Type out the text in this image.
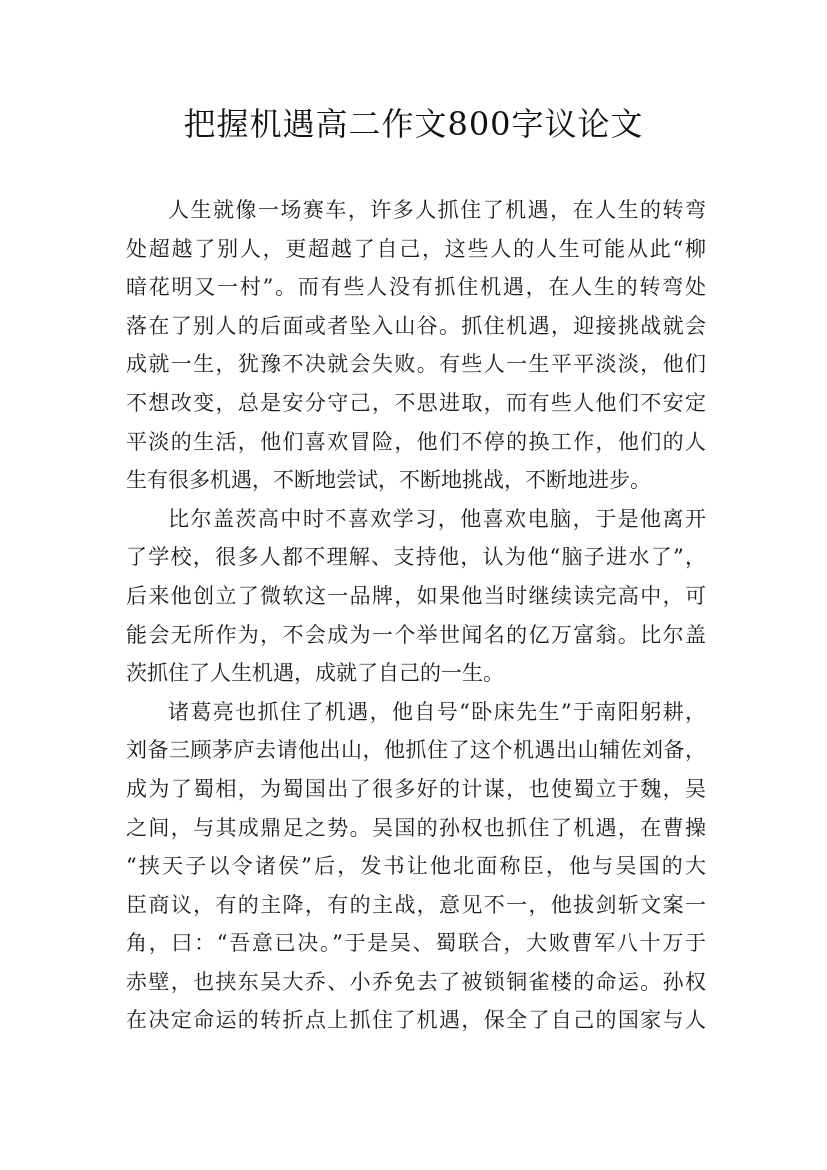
把握机遇高二作文800字议论文
人生就像一场赛车，许多人抓住了机遇，在人生的转弯
处超越了别人，更超越了自己，这些人的人生可能从此“柳
暗花明又一村”。而有些人没有抓住机遇，在人生的转弯处
落在了别人的后面或者坠入山谷。抓住机遇，迎接挑战就会
成就一生，犹豫不决就会失败。有些人一生平平淡淡，他们
不想改变，总是安分守己，不思进取，而有些人他们不安定
平淡的生活，他们喜欢冒险，他们不停的换工作，他们的人
生有很多机遇，不断地尝试，不断地挑战，不断地进步。
比尔盖茨高中时不喜欢学习，他喜欢电脑，于是他离开
了学校，很多人都不理解、支持他，认为他“脑子进水了”，
后来他创立了微软这一品牌，如果他当时继续读完高中，可
能会无所作为，不会成为一个举世闻名的亿万富翁。比尔盖
茨抓住了人生机遇，成就了自己的一生。
诸葛亮也抓住了机遇，他自号“卧床先生”于南阳躬耕，
刘备三顾茅庐去请他出山，他抓住了这个机遇出山辅佐刘备，
成为了蜀相，为蜀国出了很多好的计谋，也使蜀立于魏，吴
之间，与其成鼎足之势。吴国的孙权也抓住了机遇，在曹操
“挟天子以令诸侯”后，发书让他北面称臣，他与吴国的大
臣商议，有的主降，有的主战，意见不一，他拔剑斩文案一
角，曰：“吾意已决。”于是吴、蜀联合，大败曹军八十万于
赤壁，也挟东吴大乔、小乔免去了被锁铜雀楼的命运。孙权
在决定命运的转折点上抓住了机遇，保全了自己的国家与人
